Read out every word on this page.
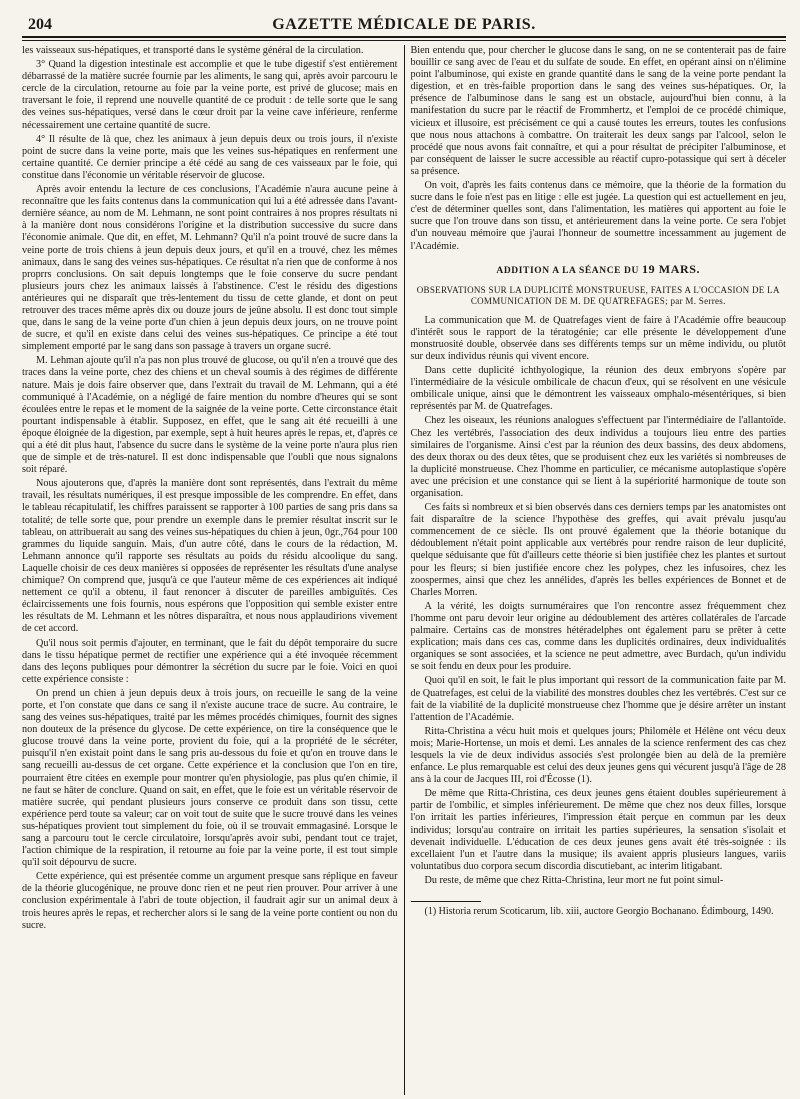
204	GAZETTE MÉDICALE DE PARIS.

les vaisseaux sus-hépatiques, et transporté dans le système général de la circulation.

3° Quand la digestion intestinale est accomplie et que le tube digestif s'est entièrement débarrassé de la matière sucrée fournie par les aliments, le sang qui, après avoir parcouru le cercle de la circulation, retourne au foie par la veine porte, est privé de glucose; mais en traversant le foie, il reprend une nouvelle quantité de ce produit : de telle sorte que le sang des veines sus-hépatiques, versé dans le cœur droit par la veine cave inférieure, renferme nécessairement une certaine quantité de sucre.

4° Il résulte de là que, chez les animaux à jeun depuis deux ou trois jours, il n'existe point de sucre dans la veine porte, mais que les veines sus-hépatiques en renferment une certaine quantité. Ce dernier principe a été cédé au sang de ces vaisseaux par le foie, qui constitue dans l'économie un véritable réservoir de glucose.

Après avoir entendu la lecture de ces conclusions, l'Académie n'aura aucune peine à reconnaître que les faits contenus dans la communication qui lui a été adressée dans l'avant-dernière séance, au nom de M. Lehmann, ne sont point contraires à nos propres résultats ni à la manière dont nous considérons l'origine et la distribution successive du sucre dans l'économie animale. Que dit, en effet, M. Lehmann? Qu'il n'a point trouvé de sucre dans la veine porte de trois chiens à jeun depuis deux jours, et qu'il en a trouvé, chez les mêmes animaux, dans le sang des veines sus-hépatiques. Ce résultat n'a rien que de conforme à nos proprrs conclusions. On sait depuis longtemps que le foie conserve du sucre pendant plusieurs jours chez les animaux laissés à l'abstinence. C'est le résidu des digestions antérieures qui ne disparaît que très-lentement du tissu de cette glande, et dont on peut retrouver des traces même après dix ou douze jours de jeûne absolu. Il est donc tout simple que, dans le sang de la veine porte d'un chien à jeun depuis deux jours, on ne trouve point de sucre, et qu'il en existe dans celui des veines sus-hépatiques. Ce principe a été tout simplement emporté par le sang dans son passage à travers un organe sucré.

M. Lehman ajoute qu'il n'a pas non plus trouvé de glucose, ou qu'il n'en a trouvé que des traces dans la veine porte, chez des chiens et un cheval soumis à des régimes de différente nature. Mais je dois faire observer que, dans l'extrait du travail de M. Lehmann, qui a été communiqué à l'Académie, on a négligé de faire mention du nombre d'heures qui se sont écoulées entre le repas et le moment de la saignée de la veine porte. Cette circonstance était pourtant indispensable à établir. Supposez, en effet, que le sang ait été recueilli à une époque éloignée de la digestion, par exemple, sept à huit heures après le repas, et, d'après ce qui a été dit plus haut, l'absence du sucre dans le système de la veine porte n'aura plus rien que de simple et de très-naturel. Il est donc indispensable que l'oubli que nous signalons soit réparé.

Nous ajouterons que, d'après la manière dont sont représentés, dans l'extrait du même travail, les résultats numériques, il est presque impossible de les comprendre. En effet, dans le tableau récapitulatif, les chiffres paraissent se rapporter à 100 parties de sang pris dans sa totalité; de telle sorte que, pour prendre un exemple dans le premier résultat inscrit sur le tableau, on attribuerait au sang des veines sus-hépatiques du chien à jeun, 0gr.,764 pour 100 grammes du liquide sanguin. Mais, d'un autre côté, dans le cours de la rédaction, M. Lehmann annonce qu'il rapporte ses résultats au poids du résidu alcoolique du sang. Laquelle choisir de ces deux manières si opposées de représenter les résultats d'une analyse chimique? On comprend que, jusqu'à ce que l'auteur même de ces expériences ait indiqué nettement ce qu'il a obtenu, il faut renoncer à discuter de pareilles ambiguïtés. Ces éclaircissements une fois fournis, nous espérons que l'opposition qui semble exister entre les résultats de M. Lehmann et les nôtres disparaîtra, et nous nous applaudirions vivement de cet accord.

Qu'il nous soit permis d'ajouter, en terminant, que le fait du dépôt temporaire du sucre dans le tissu hépatique permet de rectifier une expérience qui a été invoquée récemment dans des leçons publiques pour démontrer la sécrétion du sucre par le foie. Voici en quoi cette expérience consiste :

On prend un chien à jeun depuis deux à trois jours, on recueille le sang de la veine porte, et l'on constate que dans ce sang il n'existe aucune trace de sucre. Au contraire, le sang des veines sus-hépatiques, traité par les mêmes procédés chimiques, fournit des signes non douteux de la présence du glycose. De cette expérience, on tire la conséquence que le glucose trouvé dans la veine porte, provient du foie, qui a la propriété de le sécréter, puisqu'il n'en existait point dans le sang pris au-dessous du foie et qu'on en trouve dans le sang recueilli au-dessus de cet organe. Cette expérience et la conclusion que l'on en tire, pourraient être citées en exemple pour montrer qu'en physiologie, pas plus qu'en chimie, il ne faut se hâter de conclure. Quand on sait, en effet, que le foie est un véritable réservoir de matière sucrée, qui pendant plusieurs jours conserve ce produit dans son tissu, cette expérience perd toute sa valeur; car on voit tout de suite que le sucre trouvé dans les veines sus-hépatiques provient tout simplement du foie, où il se trouvait emmagasiné. Lorsque le sang a parcouru tout le cercle circulatoire, lorsqu'après avoir subi, pendant tout ce trajet, l'action chimique de la respiration, il retourne au foie par la veine porte, il est tout simple qu'il soit dépourvu de sucre.

Cette expérience, qui est présentée comme un argument presque sans réplique en faveur de la théorie glucogénique, ne prouve donc rien et ne peut rien prouver. Pour arriver à une conclusion expérimentale à l'abri de toute objection, il faudrait agir sur un animal deux à trois heures après le repas, et rechercher alors si le sang de la veine porte contient ou non du sucre.

Bien entendu que, pour chercher le glucose dans le sang, on ne se contenterait pas de faire bouillir ce sang avec de l'eau et du sulfate de soude. En effet, en opérant ainsi on n'élimine point l'albuminose, qui existe en grande quantité dans le sang de la veine porte pendant la digestion, et en très-faible proportion dans le sang des veines sus-hépatiques. Or, la présence de l'albuminose dans le sang est un obstacle, aujourd'hui bien connu, à la manifestation du sucre par le réactif de Frommhertz, et l'emploi de ce procédé chimique, vicieux et illusoire, est précisément ce qui a causé toutes les erreurs, toutes les confusions que nous nous attachons à combattre. On traiterait les deux sangs par l'alcool, selon le procédé que nous avons fait connaître, et qui a pour résultat de précipiter l'albuminose, et par conséquent de laisser le sucre accessible au réactif cupro-potassique qui sert à déceler sa présence.

On voit, d'après les faits contenus dans ce mémoire, que la théorie de la formation du sucre dans le foie n'est pas en litige : elle est jugée. La question qui est actuellement en jeu, c'est de déterminer quelles sont, dans l'alimentation, les matières qui apportent au foie le sucre que l'on trouve dans son tissu, et antérieurement dans la veine porte. Ce sera l'objet d'un nouveau mémoire que j'aurai l'honneur de soumettre incessamment au jugement de l'Académie.

ADDITION A LA SÉANCE DU 19 MARS.
OBSERVATIONS SUR LA DUPLICITÉ MONSTRUEUSE, FAITES A L'OCCASION DE LA COMMUNICATION DE M. DE QUATREFAGES; par M. Serres.

La communication que M. de Quatrefages vient de faire à l'Académie offre beaucoup d'intérêt sous le rapport de la tératogénie; car elle présente le développement d'une monstruosité double, observée dans ses différents temps sur un même individu, ou plutôt sur deux individus réunis qui vivent encore.

Dans cette duplicité ichthyologique, la réunion des deux embryons s'opère par l'intermédiaire de la vésicule ombilicale de chacun d'eux, qui se résolvent en une vésicule ombilicale unique, ainsi que le démontrent les vaisseaux omphalo-mésentériques, si bien représentés par M. de Quatrefages.

Chez les oiseaux, les réunions analogues s'effectuent par l'intermédiaire de l'allantoïde. Chez les vertébrés, l'association des deux individus a toujours lieu entre des parties similaires de l'organisme. Ainsi c'est par la réunion des deux bassins, des deux abdomens, des deux thorax ou des deux têtes, que se produisent chez eux les variétés si nombreuses de la duplicité monstrueuse. Chez l'homme en particulier, ce mécanisme autoplastique s'opère avec une précision et une constance qui se lient à la supériorité harmonique de toute son organisation.

Ces faits si nombreux et si bien observés dans ces derniers temps par les anatomistes ont fait disparaître de la science l'hypothèse des greffes, qui avait prévalu jusqu'au commencement de ce siècle. Ils ont prouvé également que la théorie botanique du dédoublement n'était point applicable aux vertébrés pour rendre raison de leur duplicité, quelque séduisante que fût d'ailleurs cette théorie si bien justifiée chez les plantes et surtout pour les fleurs; si bien justifiée encore chez les polypes, chez les infusoires, chez les zoospermes, ainsi que chez les annélides, d'après les belles expériences de Bonnet et de Charles Morren.

A la vérité, les doigts surnuméraires que l'on rencontre assez fréquemment chez l'homme ont paru devoir leur origine au dédoublement des artères collatérales de l'arcade palmaire. Certains cas de monstres hétéradelphes ont également paru se prêter à cette explication; mais dans ces cas, comme dans les duplicités ordinaires, deux individualités organiques se sont associées, et la science ne peut admettre, avec Burdach, qu'un individu se soit fendu en deux pour les produire.

Quoi qu'il en soit, le fait le plus important qui ressort de la communication faite par M. de Quatrefages, est celui de la viabilité des monstres doubles chez les vertébrés. C'est sur ce fait de la viabilité de la duplicité monstrueuse chez l'homme que je désire arrêter un instant l'attention de l'Académie.

Ritta-Christina a vécu huit mois et quelques jours; Philomèle et Hélène ont vécu deux mois; Marie-Hortense, un mois et demi. Les annales de la science renferment des cas chez lesquels la vie de deux individus associés s'est prolongée bien au delà de la première enfance. Le plus remarquable est celui des deux jeunes gens qui vécurent jusqu'à l'âge de 28 ans à la cour de Jacques III, roi d'Écosse (1).

De même que Ritta-Christina, ces deux jeunes gens étaient doubles supérieurement à partir de l'ombilic, et simples inférieurement. De même que chez nos deux filles, lorsque l'on irritait les parties inférieures, l'impression était perçue en commun par les deux individus; lorsqu'au contraire on irritait les parties supérieures, la sensation s'isolait et devenait individuelle. L'éducation de ces deux jeunes gens avait été très-soignée : ils excellaient l'un et l'autre dans la musique; ils avaient appris plusieurs langues, variis voluntatibus duo corpora secum discordia discutiebant, ac interim litigabant.

Du reste, de même que chez Ritta-Christina, leur mort ne fut point simul-

(1) Historia rerum Scoticarum, lib. xiii, auctore Georgio Bochanano. Édimbourg, 1490.
